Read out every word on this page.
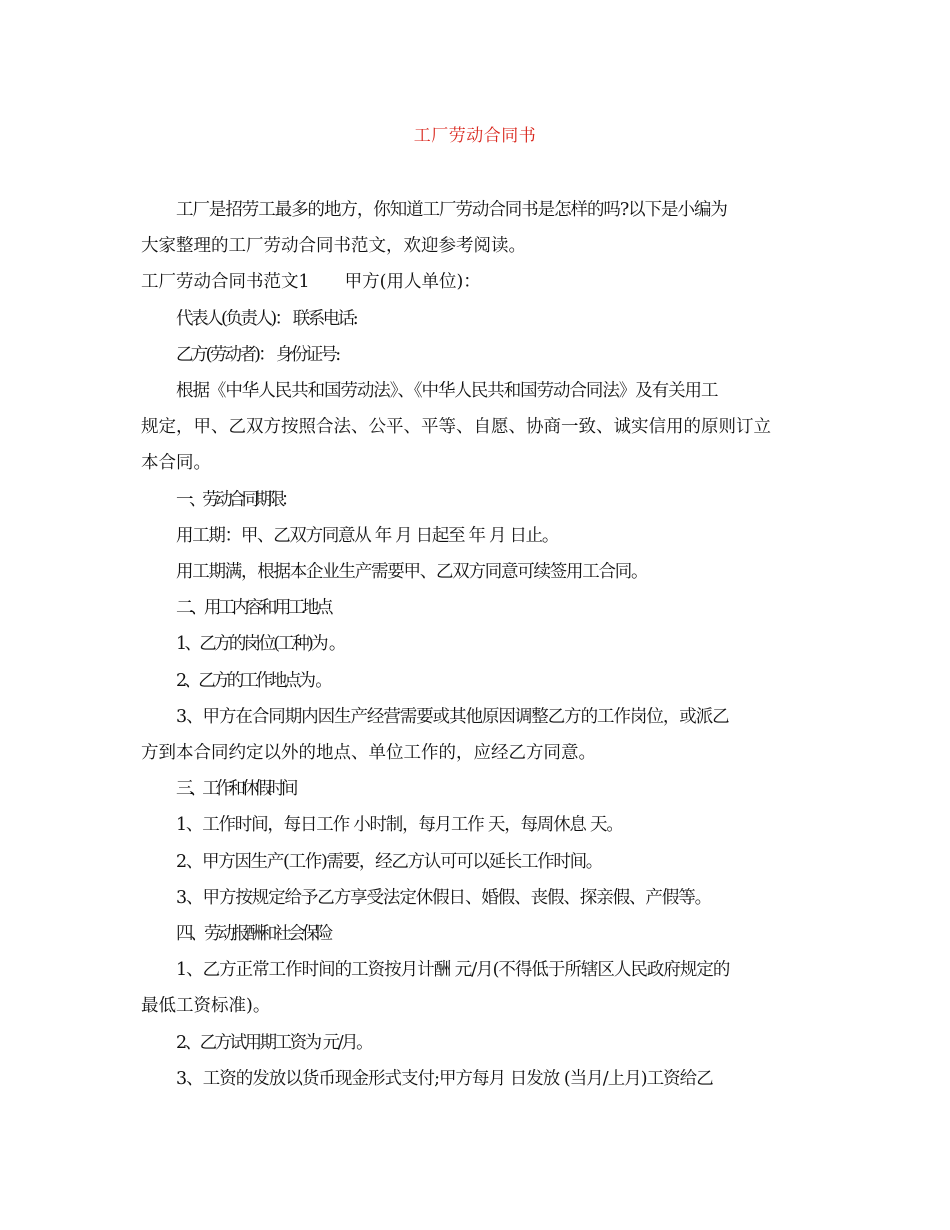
工厂劳动合同书
工厂是招劳工最多的地方，你知道工厂劳动合同书是怎样的吗?以下是小编为
大家整理的工厂劳动合同书范文，欢迎参考阅读。
工厂劳动合同书范文1　　甲方(用人单位)：
代表人(负责人)： 联系电话:
乙方(劳动者)： 身份证号:
根据《中华人民共和国劳动法》、《中华人民共和国劳动合同法》及有关用工
规定，甲、乙双方按照合法、公平、平等、自愿、协商一致、诚实信用的原则订立
本合同。
一、劳动合同期限：
用工期：甲、乙双方同意从 年 月 日起至 年 月 日止。
用工期满，根据本企业生产需要甲、乙双方同意可续签用工合同。
二、用工内容和用工地点
1、乙方的岗位(工种)为 。
2、乙方的工作地点为 。
3、甲方在合同期内因生产经营需要或其他原因调整乙方的工作岗位，或派乙
方到本合同约定以外的地点、单位工作的，应经乙方同意。
三、工作和休假时间
1、工作时间，每日工作 小时制，每月工作 天，每周休息 天。
2、甲方因生产(工作)需要，经乙方认可可以延长工作时间。
3、甲方按规定给予乙方享受法定休假日、婚假、丧假、探亲假、产假等。
四、劳动报酬和社会保险
1、乙方正常工作时间的工资按月计酬 元/月(不得低于所辖区人民政府规定的
最低工资标准)。
2、乙方试用期工资为 元/月。
3、工资的发放以货币现金形式支付;甲方每月 日发放 (当月/上月)工资给乙
